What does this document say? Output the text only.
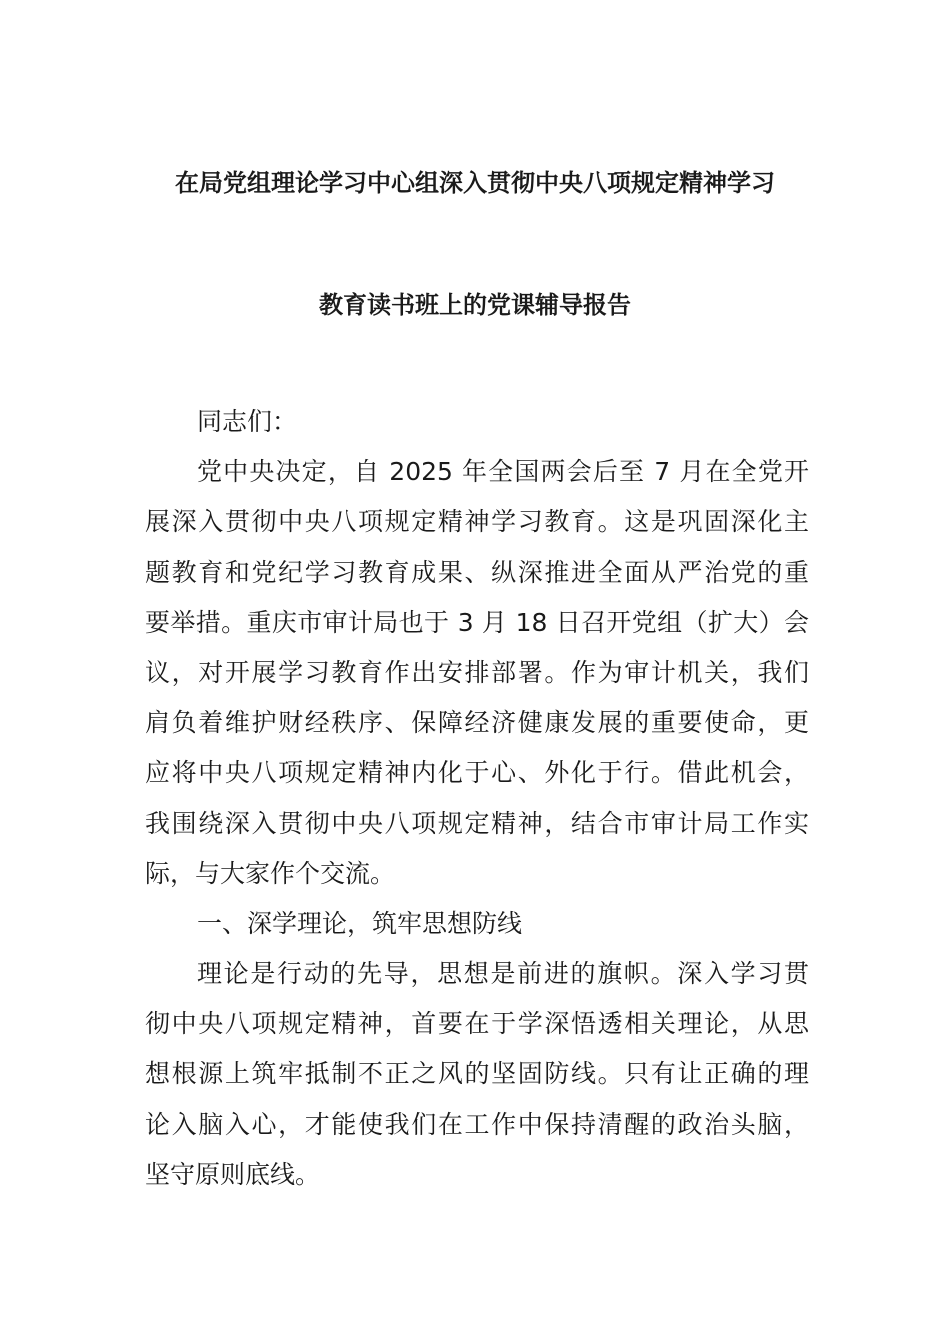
在局党组理论学习中心组深入贯彻中央八项规定精神学习
教育读书班上的党课辅导报告
同志们：
党中央决定，自 2025 年全国两会后至 7 月在全党开
展深入贯彻中央八项规定精神学习教育。这是巩固深化主
题教育和党纪学习教育成果、纵深推进全面从严治党的重
要举措。重庆市审计局也于 3 月 18 日召开党组（扩大）会
议，对开展学习教育作出安排部署。作为审计机关，我们
肩负着维护财经秩序、保障经济健康发展的重要使命，更
应将中央八项规定精神内化于心、外化于行。借此机会，
我围绕深入贯彻中央八项规定精神，结合市审计局工作实
际，与大家作个交流。
一、深学理论，筑牢思想防线
理论是行动的先导，思想是前进的旗帜。深入学习贯
彻中央八项规定精神，首要在于学深悟透相关理论，从思
想根源上筑牢抵制不正之风的坚固防线。只有让正确的理
论入脑入心，才能使我们在工作中保持清醒的政治头脑，
坚守原则底线。
